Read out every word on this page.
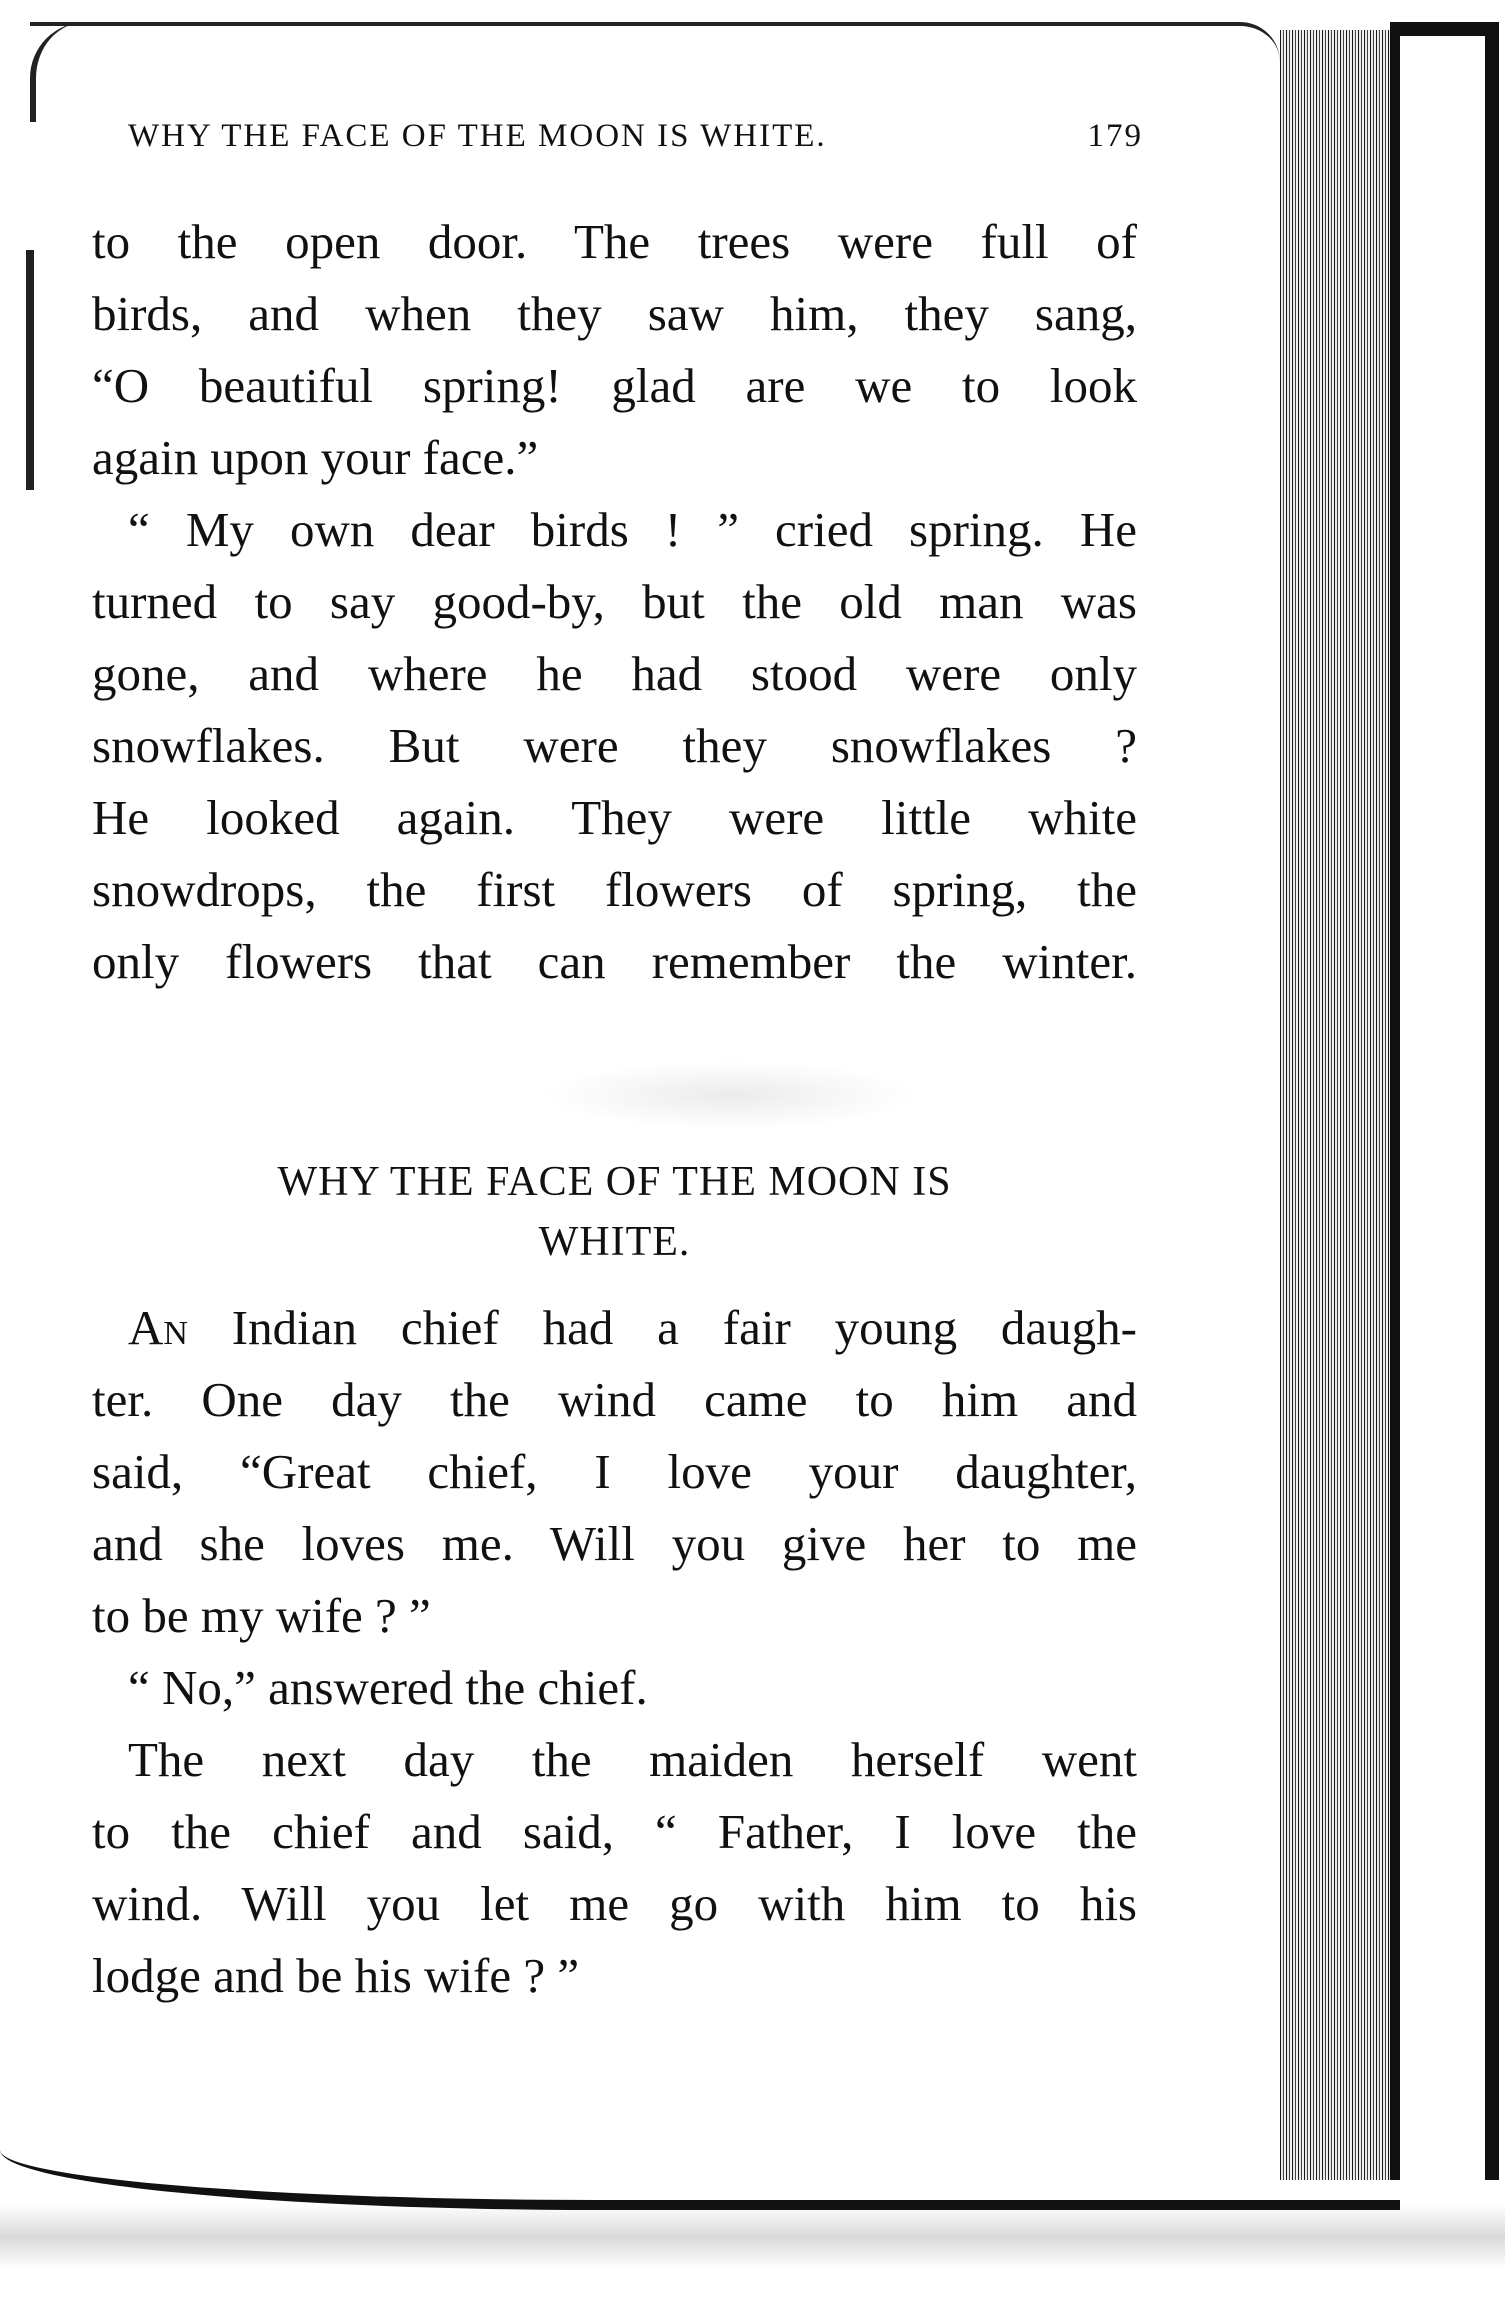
WHY THE FACE OF THE MOON IS WHITE.	179
to the open door. The trees were full of
birds, and when they saw him, they sang,
“O beautiful spring! glad are we to look
again upon your face.”
“ My own dear birds ! ” cried spring. He
turned to say good-by, but the old man was
gone, and where he had stood were only
snowflakes. But were they snowflakes ?
He looked again. They were little white
snowdrops, the first flowers of spring, the
only flowers that can remember the winter.
WHY THE FACE OF THE MOON IS
WHITE.
An Indian chief had a fair young daugh-
ter. One day the wind came to him and
said, “Great chief, I love your daughter,
and she loves me. Will you give her to me
to be my wife ? ”
“ No,” answered the chief.
The next day the maiden herself went
to the chief and said, “ Father, I love the
wind. Will you let me go with him to his
lodge and be his wife ? ”
